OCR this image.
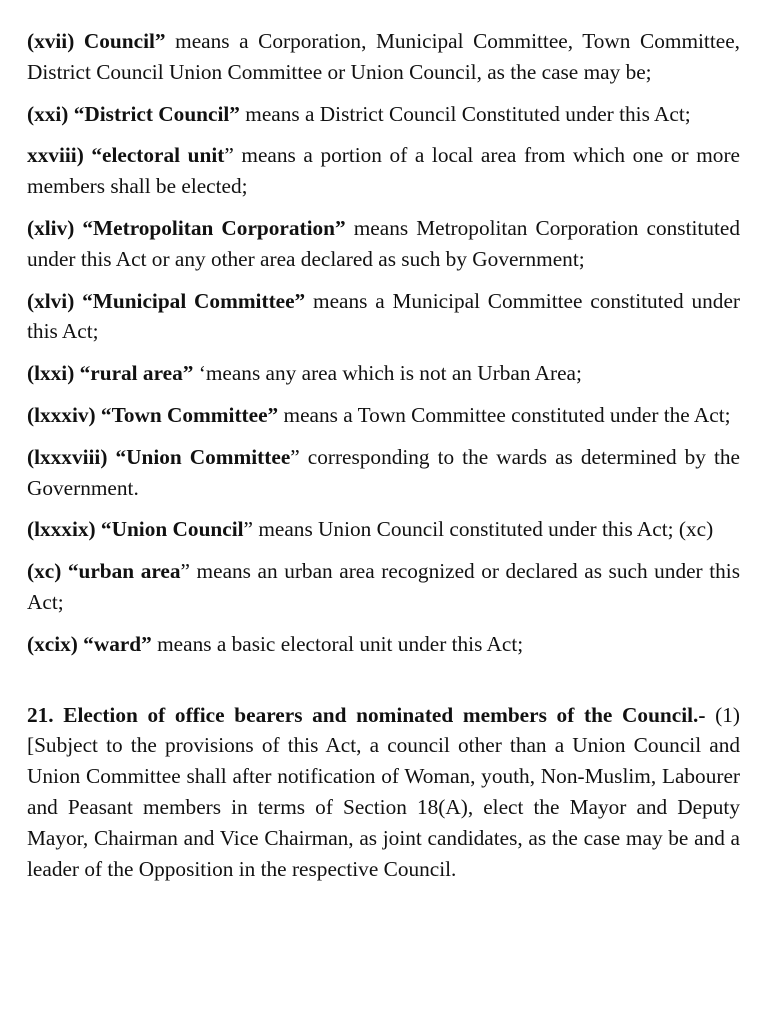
(xvii) Council” means a Corporation, Municipal Committee, Town Committee, District Council Union Committee or Union Council, as the case may be;

(xxi) “District Council” means a District Council Constituted under this Act;

xxviii) “electoral unit” means a portion of a local area from which one or more members shall be elected;

(xliv) “Metropolitan Corporation” means Metropolitan Corporation constituted under this Act or any other area declared as such by Government;

(xlvi) “Municipal Committee” means a Municipal Committee constituted under this Act;

(lxxi) “rural area” ‘means any area which is not an Urban Area;

(lxxxiv) “Town Committee” means a Town Committee constituted under the Act;

(lxxxviii) “Union Committee” corresponding to the wards as determined by the Government.

(lxxxix) “Union Council” means Union Council constituted under this Act; (xc)

(xc) “urban area” means an urban area recognized or declared as such under this Act;

(xcix) “ward” means a basic electoral unit under this Act;

21. Election of office bearers and nominated members of the Council.- (1) [Subject to the provisions of this Act, a council other than a Union Council and Union Committee shall after notification of Woman, youth, Non-Muslim, Labourer and Peasant members in terms of Section 18(A), elect the Mayor and Deputy Mayor, Chairman and Vice Chairman, as joint candidates, as the case may be and a leader of the Opposition in the respective Council.
